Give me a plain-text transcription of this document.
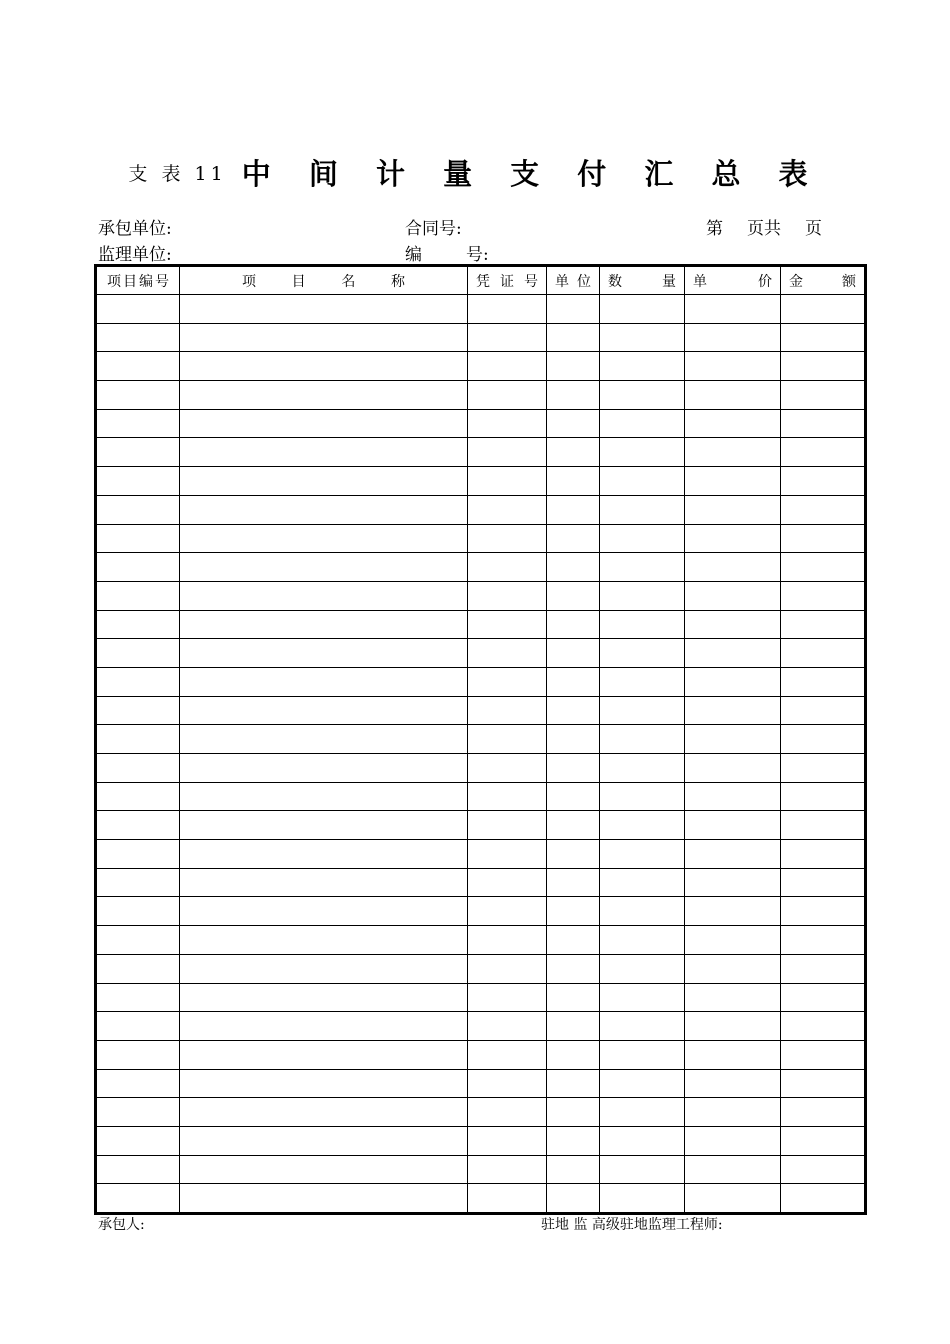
支 表 11 中 间 计 量 支 付 汇 总 表
承包单位:
监理单位:
合同号:
编	号:
第 页共 页
项目编号	项 目 名 称	凭 证 号	单 位	数 量	单 价	金 额

承包人:	驻地 监 高级驻地监理工程师:
